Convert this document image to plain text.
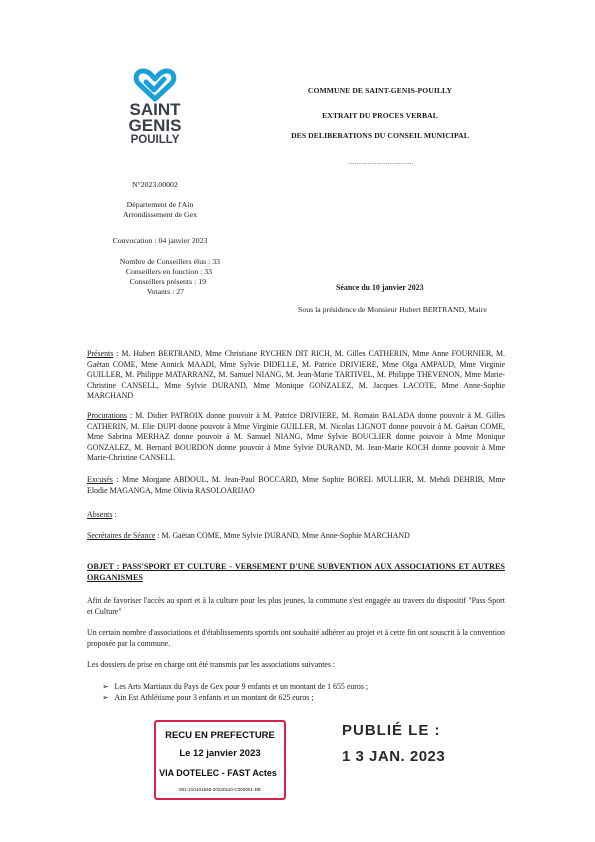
SAINT
GENIS
POUILLY
COMMUNE DE SAINT-GENIS-POUILLY
EXTRAIT DU PROCES VERBAL
DES DELIBERATIONS DU CONSEIL MUNICIPAL
………………………………
N°2023.00002
Département de l'Ain
Arrondissement de Gex
Convocation : 04 janvier 2023
Nombre de Conseillers élus : 33
Conseillers en fonction : 33
Conseillers présents : 19
Votants : 27	Séance du 10 janvier 2023
Sous la présidence de Monsieur Hubert BERTRAND, Maire
Présents : M. Hubert BERTRAND, Mme Christiane RYCHEN DIT RICH, M. Gilles CATHERIN, Mme Anne FOURNIER, M. Gaëtan COME, Mme Annick MAADI, Mme Sylvie DIDELLE, M. Patrice DRIVIERE, Mme Olga AMPAUD, Mme Virginie GUILLER, M. Philippe MATARRANZ, M. Samuel NIANG, M. Jean-Marie TARTIVEL, M. Philippe THEVENON, Mme Marie-Christine CANSELL, Mme Sylvie DURAND, Mme Monique GONZALEZ, M. Jacques LACOTE, Mme Anne-Sophie MARCHAND
Procurations : M. Didier PATROIX donne pouvoir à M. Patrice DRIVIERE, M. Romain BALADA donne pouvoir à M. Gilles CATHERIN, M. Elie DUPI donne pouvoir à Mme Virginie GUILLER, M. Nicolas LIGNOT donne pouvoir à M. Gaëtan COME, Mme Sabrina MERHAZ donne pouvoir à M. Samuel NIANG, Mme Sylvie BOUCLIER donne pouvoir à Mme Monique GONZALEZ, M. Bernard BOURDON donne pouvoir à Mme Sylvie DURAND, M. Jean-Marie KOCH donne pouvoir à Mme Marie-Christine CANSELL
Excusés : Mme Morgane ABDOUL, M. Jean-Paul BOCCARD, Mme Sophie BOREL MULLIER, M. Mehdi DEHRIB, Mme Elodie MAGANGA, Mme Olivia RASOLOARIJAO
Absents :
Secrétaires de Séance : M. Gaëtan COME, Mme Sylvie DURAND, Mme Anne-Sophie MARCHAND
OBJET : PASS'SPORT ET CULTURE - VERSEMENT D'UNE SUBVENTION AUX ASSOCIATIONS ET AUTRES ORGANISMES
Afin de favoriser l'accès au sport et à la culture pour les plus jeunes, la commune s'est engagée au travers du dispositif "Pass Sport et Culture"
Un certain nombre d'associations et d'établissements sportifs ont souhaité adhérer au projet et à cette fin ont souscrit à la convention proposée par la commune.
Les dossiers de prise en charge ont été transmis par les associations suivantes :
➢ Les Arts Martiaux du Pays de Gex pour 9 enfants et un montant de 1 655 euros ;
➢ Ain Est Athlétisme pour 3 enfants et un montant de 625 euros ;
RECU EN PREFECTURE
Le 12 janvier 2023
VIA DOTELEC - FAST Actes
001-210101646-20230110-C000001-DE
PUBLIÉ LE :
1 3 JAN. 2023
